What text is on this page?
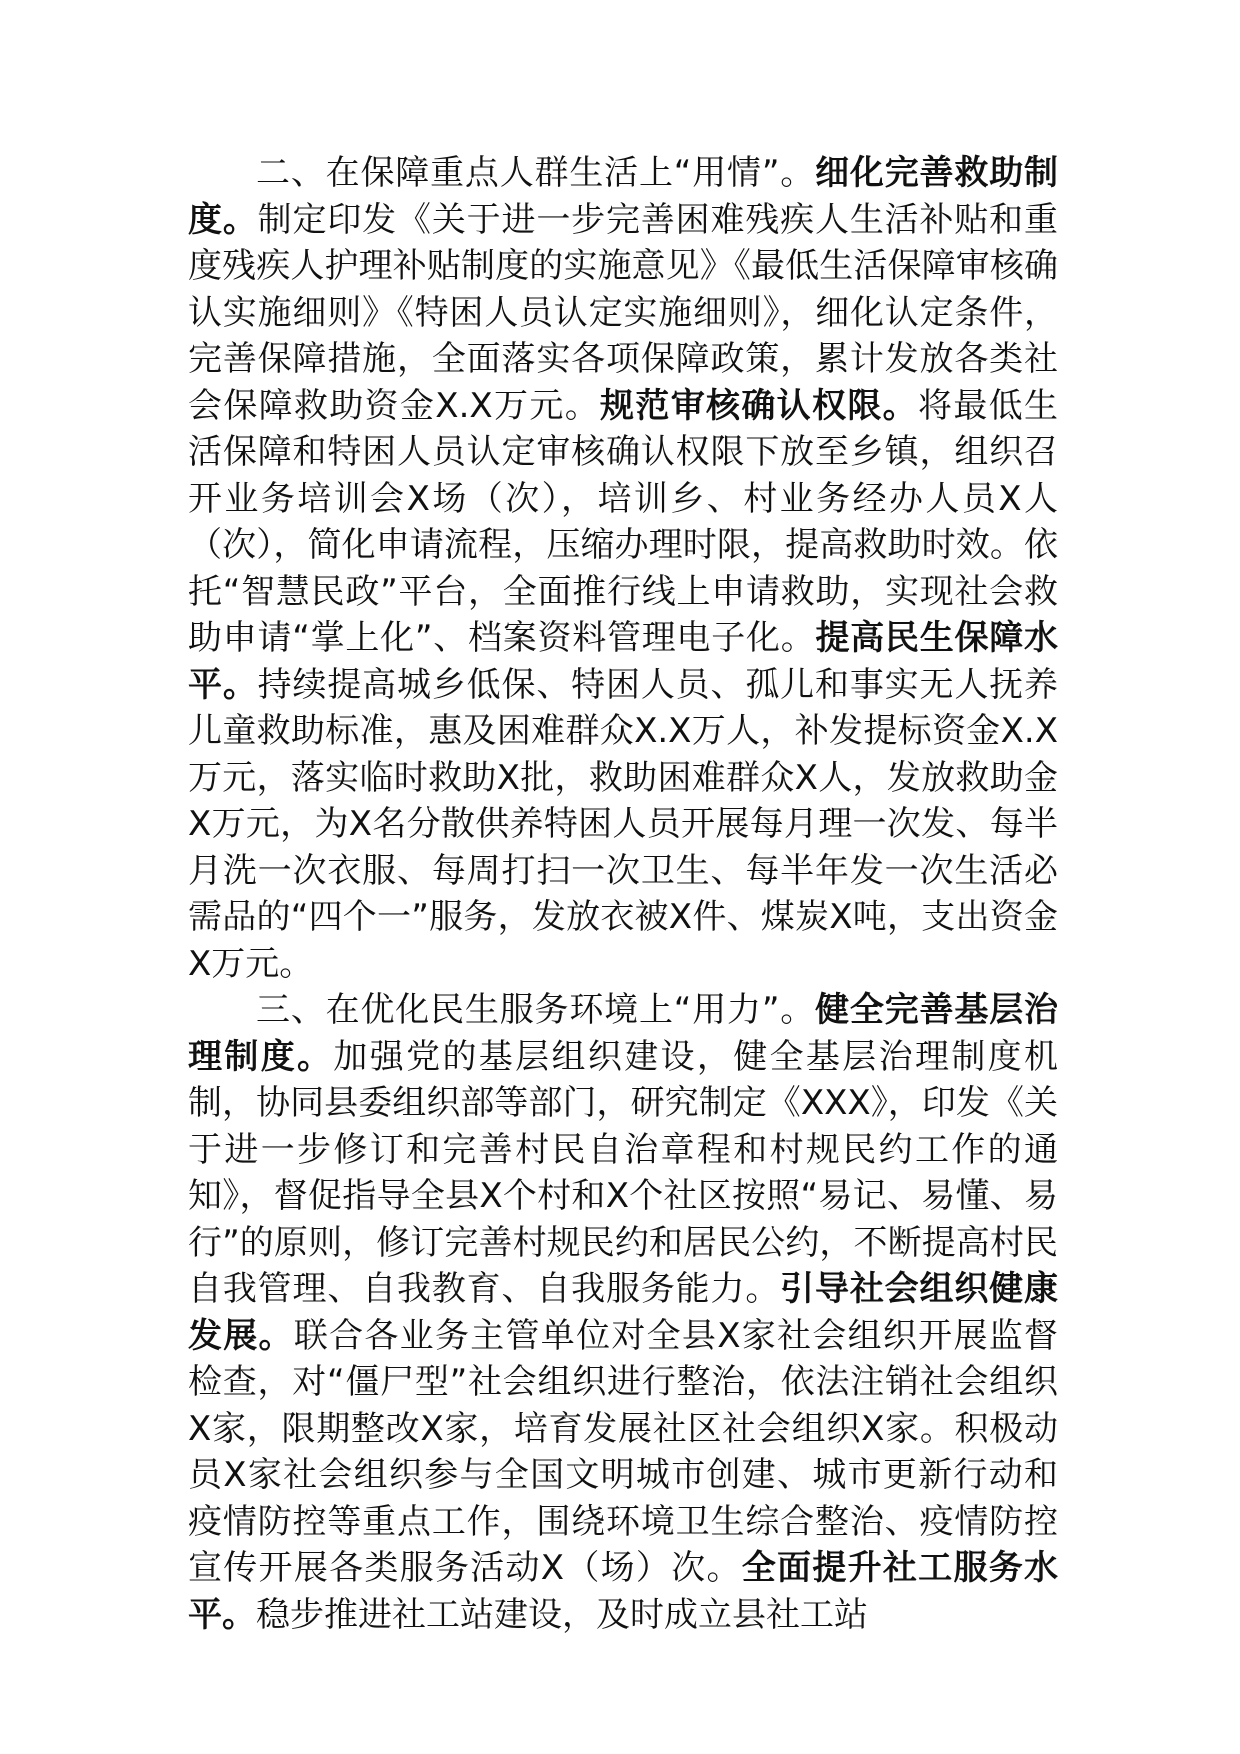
二、在保障重点人群生活上“用情”。细化完善救助制度。制定印发《关于进一步完善困难残疾人生活补贴和重度残疾人护理补贴制度的实施意见》《最低生活保障审核确认实施细则》《特困人员认定实施细则》，细化认定条件，完善保障措施，全面落实各项保障政策，累计发放各类社会保障救助资金X.X万元。规范审核确认权限。将最低生活保障和特困人员认定审核确认权限下放至乡镇，组织召开业务培训会X场（次），培训乡、村业务经办人员X人（次），简化申请流程，压缩办理时限，提高救助时效。依托“智慧民政”平台，全面推行线上申请救助，实现社会救助申请“掌上化”、档案资料管理电子化。提高民生保障水平。持续提高城乡低保、特困人员、孤儿和事实无人抚养儿童救助标准，惠及困难群众X.X万人，补发提标资金X.X万元，落实临时救助X批，救助困难群众X人，发放救助金X万元，为X名分散供养特困人员开展每月理一次发、每半月洗一次衣服、每周打扫一次卫生、每半年发一次生活必需品的“四个一”服务，发放衣被X件、煤炭X吨，支出资金X万元。

三、在优化民生服务环境上“用力”。健全完善基层治理制度。加强党的基层组织建设，健全基层治理制度机制，协同县委组织部等部门，研究制定《XXX》，印发《关于进一步修订和完善村民自治章程和村规民约工作的通知》，督促指导全县X个村和X个社区按照“易记、易懂、易行”的原则，修订完善村规民约和居民公约，不断提高村民自我管理、自我教育、自我服务能力。引导社会组织健康发展。联合各业务主管单位对全县X家社会组织开展监督检查，对“僵尸型”社会组织进行整治，依法注销社会组织X家，限期整改X家，培育发展社区社会组织X家。积极动员X家社会组织参与全国文明城市创建、城市更新行动和疫情防控等重点工作，围绕环境卫生综合整治、疫情防控宣传开展各类服务活动X（场）次。全面提升社工服务水平。稳步推进社工站建设，及时成立县社工站
